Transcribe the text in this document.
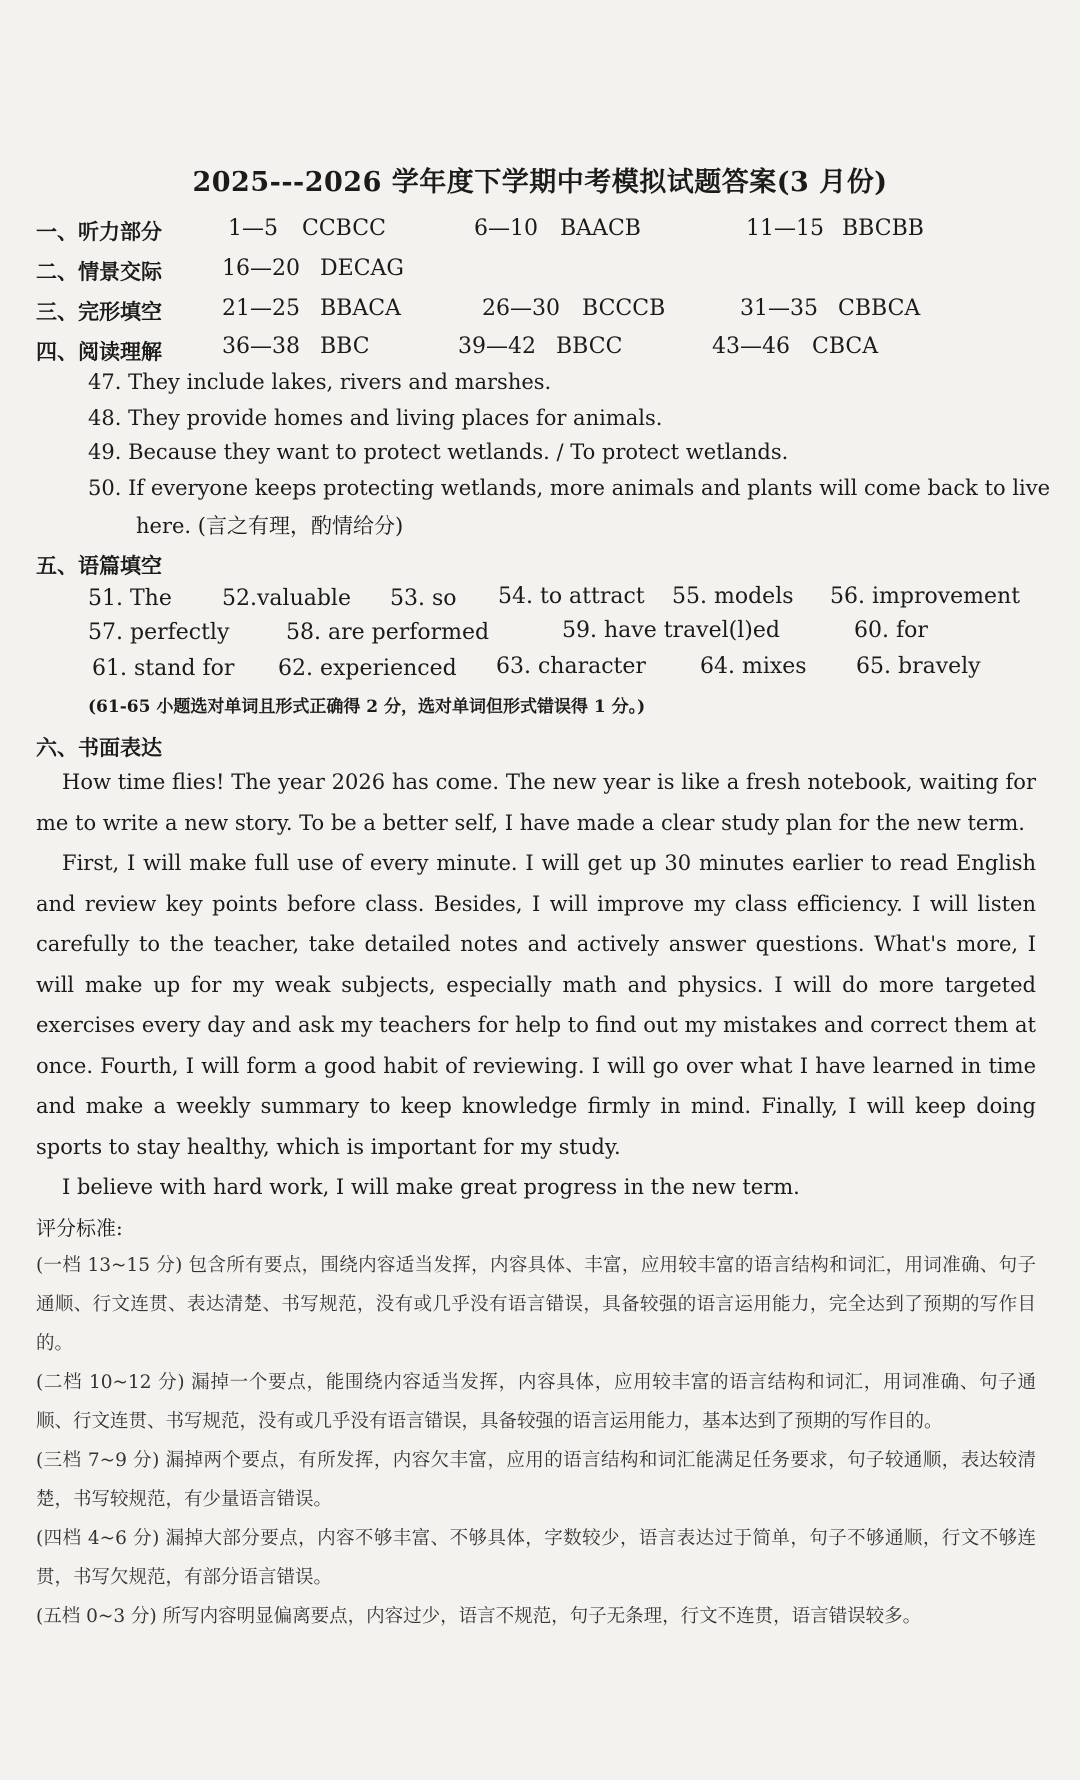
2025---2026 学年度下学期中考模拟试题答案(3 月份)
一、听力部分	1—5 CCBCC	6—10 BAACB	11—15 BBCBB
二、情景交际	16—20 DECAG
三、完形填空	21—25 BBACA	26—30 BCCCB	31—35 CBBCA
四、阅读理解	36—38 BBC	39—42 BBCC	43—46 CBCA
47. They include lakes, rivers and marshes.
48. They provide homes and living places for animals.
49. Because they want to protect wetlands. / To protect wetlands.
50. If everyone keeps protecting wetlands, more animals and plants will come back to live
here. (言之有理，酌情给分)
五、语篇填空
51. The 52.valuable 53. so 54. to attract 55. models 56. improvement
57. perfectly	58. are performed	59. have travel(l)ed	60. for
61. stand for 62. experienced 63. character 64. mixes 65. bravely
(61-65 小题选对单词且形式正确得 2 分，选对单词但形式错误得 1 分。)
六、书面表达

How time flies! The year 2026 has come. The new year is like a fresh notebook, waiting for me to write a new story. To be a better self, I have made a clear study plan for the new term.

First, I will make full use of every minute. I will get up 30 minutes earlier to read English and review key points before class. Besides, I will improve my class efficiency. I will listen carefully to the teacher, take detailed notes and actively answer questions. What's more, I will make up for my weak subjects, especially math and physics. I will do more targeted exercises every day and ask my teachers for help to find out my mistakes and correct them at once. Fourth, I will form a good habit of reviewing. I will go over what I have learned in time and make a weekly summary to keep knowledge firmly in mind. Finally, I will keep doing sports to stay healthy, which is important for my study.

I believe with hard work, I will make great progress in the new term.

评分标准:

(一档 13~15 分) 包含所有要点，围绕内容适当发挥，内容具体、丰富，应用较丰富的语言结构和词汇，用词准确、句子通顺、行文连贯、表达清楚、书写规范，没有或几乎没有语言错误，具备较强的语言运用能力，完全达到了预期的写作目的。

(二档 10~12 分) 漏掉一个要点，能围绕内容适当发挥，内容具体，应用较丰富的语言结构和词汇，用词准确、句子通顺、行文连贯、书写规范，没有或几乎没有语言错误，具备较强的语言运用能力，基本达到了预期的写作目的。

(三档 7~9 分) 漏掉两个要点，有所发挥，内容欠丰富，应用的语言结构和词汇能满足任务要求，句子较通顺，表达较清楚，书写较规范，有少量语言错误。

(四档 4~6 分) 漏掉大部分要点，内容不够丰富、不够具体，字数较少，语言表达过于简单，句子不够通顺，行文不够连贯，书写欠规范，有部分语言错误。

(五档 0~3 分) 所写内容明显偏离要点，内容过少，语言不规范，句子无条理，行文不连贯，语言错误较多。
